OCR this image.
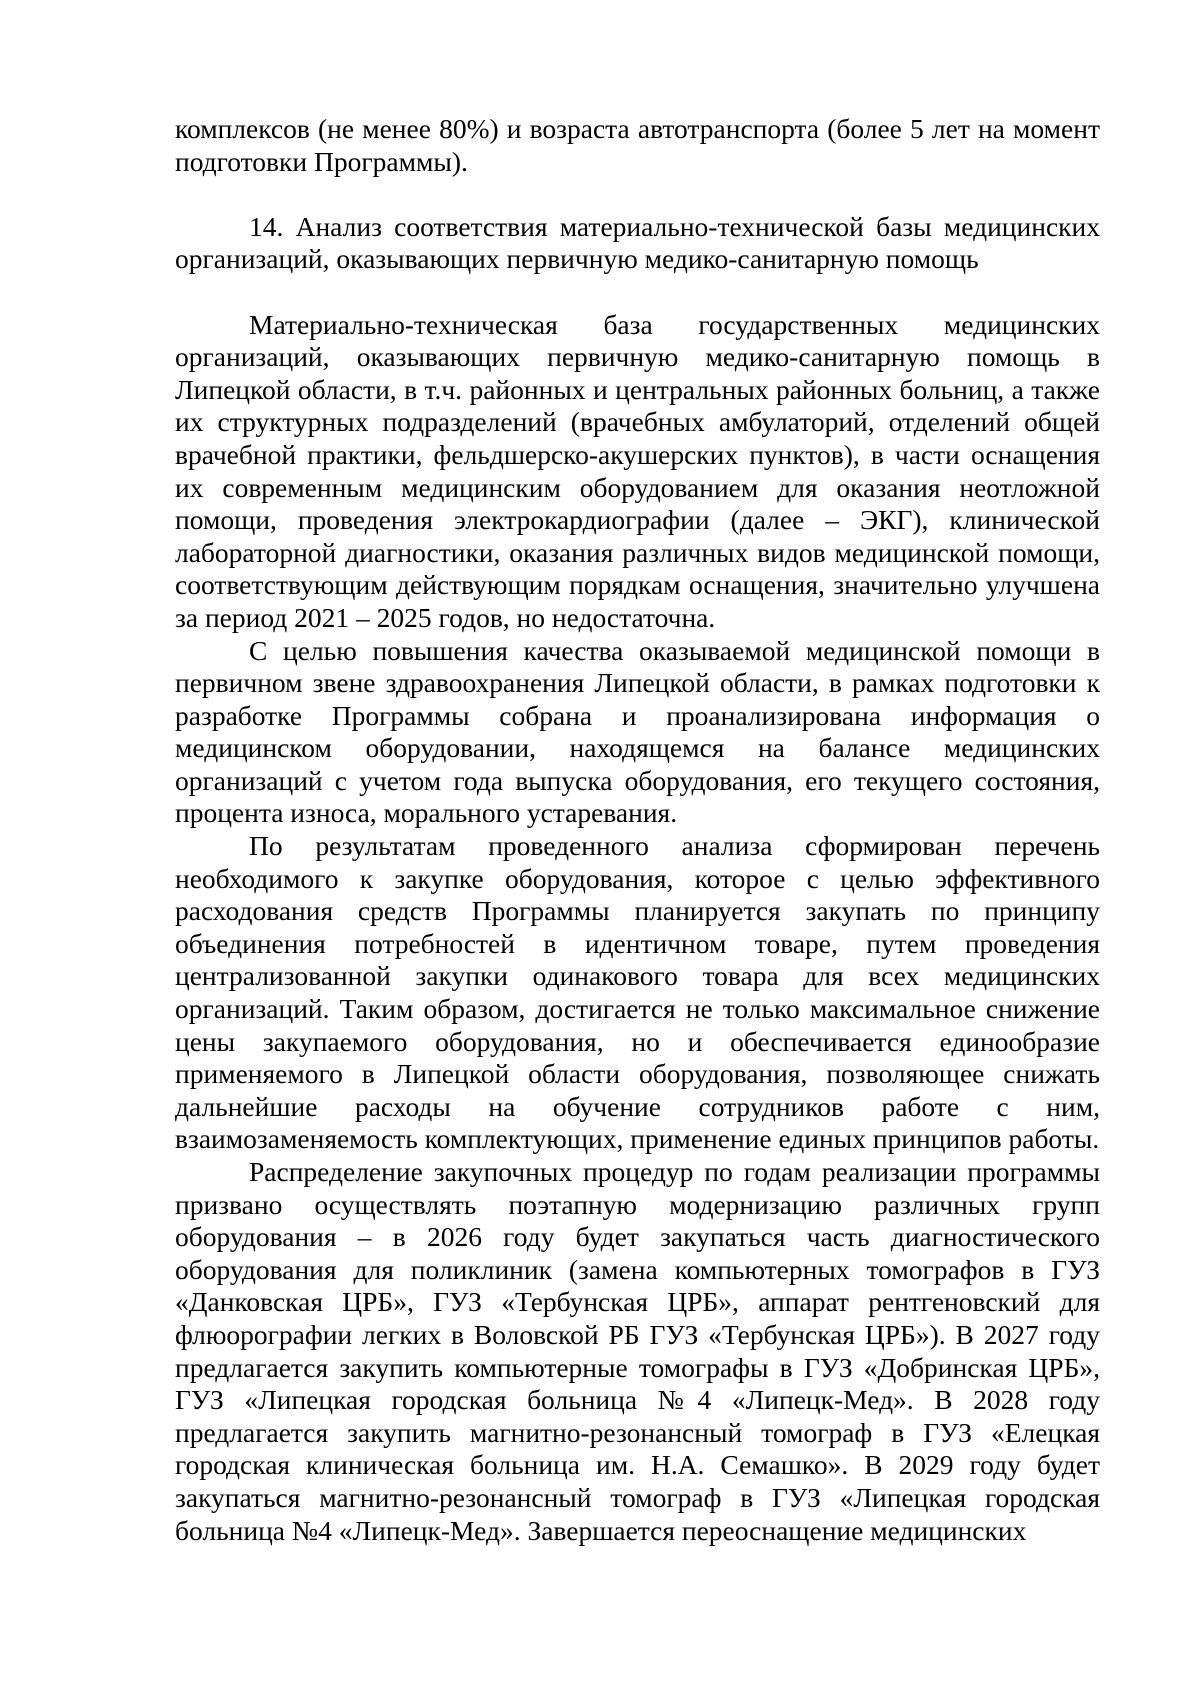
комплексов (не менее 80%) и возраста автотранспорта (более 5 лет на момент подготовки Программы).

14. Анализ соответствия материально-технической базы медицинских организаций, оказывающих первичную медико-санитарную помощь

Материально-техническая база государственных медицинских организаций, оказывающих первичную медико-санитарную помощь в Липецкой области, в т.ч. районных и центральных районных больниц, а также их структурных подразделений (врачебных амбулаторий, отделений общей врачебной практики, фельдшерско-акушерских пунктов), в части оснащения их современным медицинским оборудованием для оказания неотложной помощи, проведения электрокардиографии (далее – ЭКГ), клинической лабораторной диагностики, оказания различных видов медицинской помощи, соответствующим действующим порядкам оснащения, значительно улучшена за период 2021 – 2025 годов, но недостаточна.

С целью повышения качества оказываемой медицинской помощи в первичном звене здравоохранения Липецкой области, в рамках подготовки к разработке Программы собрана и проанализирована информация о медицинском оборудовании, находящемся на балансе медицинских организаций с учетом года выпуска оборудования, его текущего состояния, процента износа, морального устаревания.

По результатам проведенного анализа сформирован перечень необходимого к закупке оборудования, которое с целью эффективного расходования средств Программы планируется закупать по принципу объединения потребностей в идентичном товаре, путем проведения централизованной закупки одинакового товара для всех медицинских организаций. Таким образом, достигается не только максимальное снижение цены закупаемого оборудования, но и обеспечивается единообразие применяемого в Липецкой области оборудования, позволяющее снижать дальнейшие расходы на обучение сотрудников работе с ним, взаимозаменяемость комплектующих, применение единых принципов работы.

Распределение закупочных процедур по годам реализации программы призвано осуществлять поэтапную модернизацию различных групп оборудования – в 2026 году будет закупаться часть диагностического оборудования для поликлиник (замена компьютерных томографов в ГУЗ «Данковская ЦРБ», ГУЗ «Тербунская ЦРБ», аппарат рентгеновский для флюорографии легких в Воловской РБ ГУЗ «Тербунская ЦРБ»). В 2027 году предлагается закупить компьютерные томографы в ГУЗ «Добринская ЦРБ», ГУЗ «Липецкая городская больница №4 «Липецк-Мед». В 2028 году предлагается закупить магнитно-резонансный томограф в ГУЗ «Елецкая городская клиническая больница им. Н.А. Семашко». В 2029 году будет закупаться магнитно-резонансный томограф в ГУЗ «Липецкая городская больница №4 «Липецк-Мед». Завершается переоснащение медицинских
